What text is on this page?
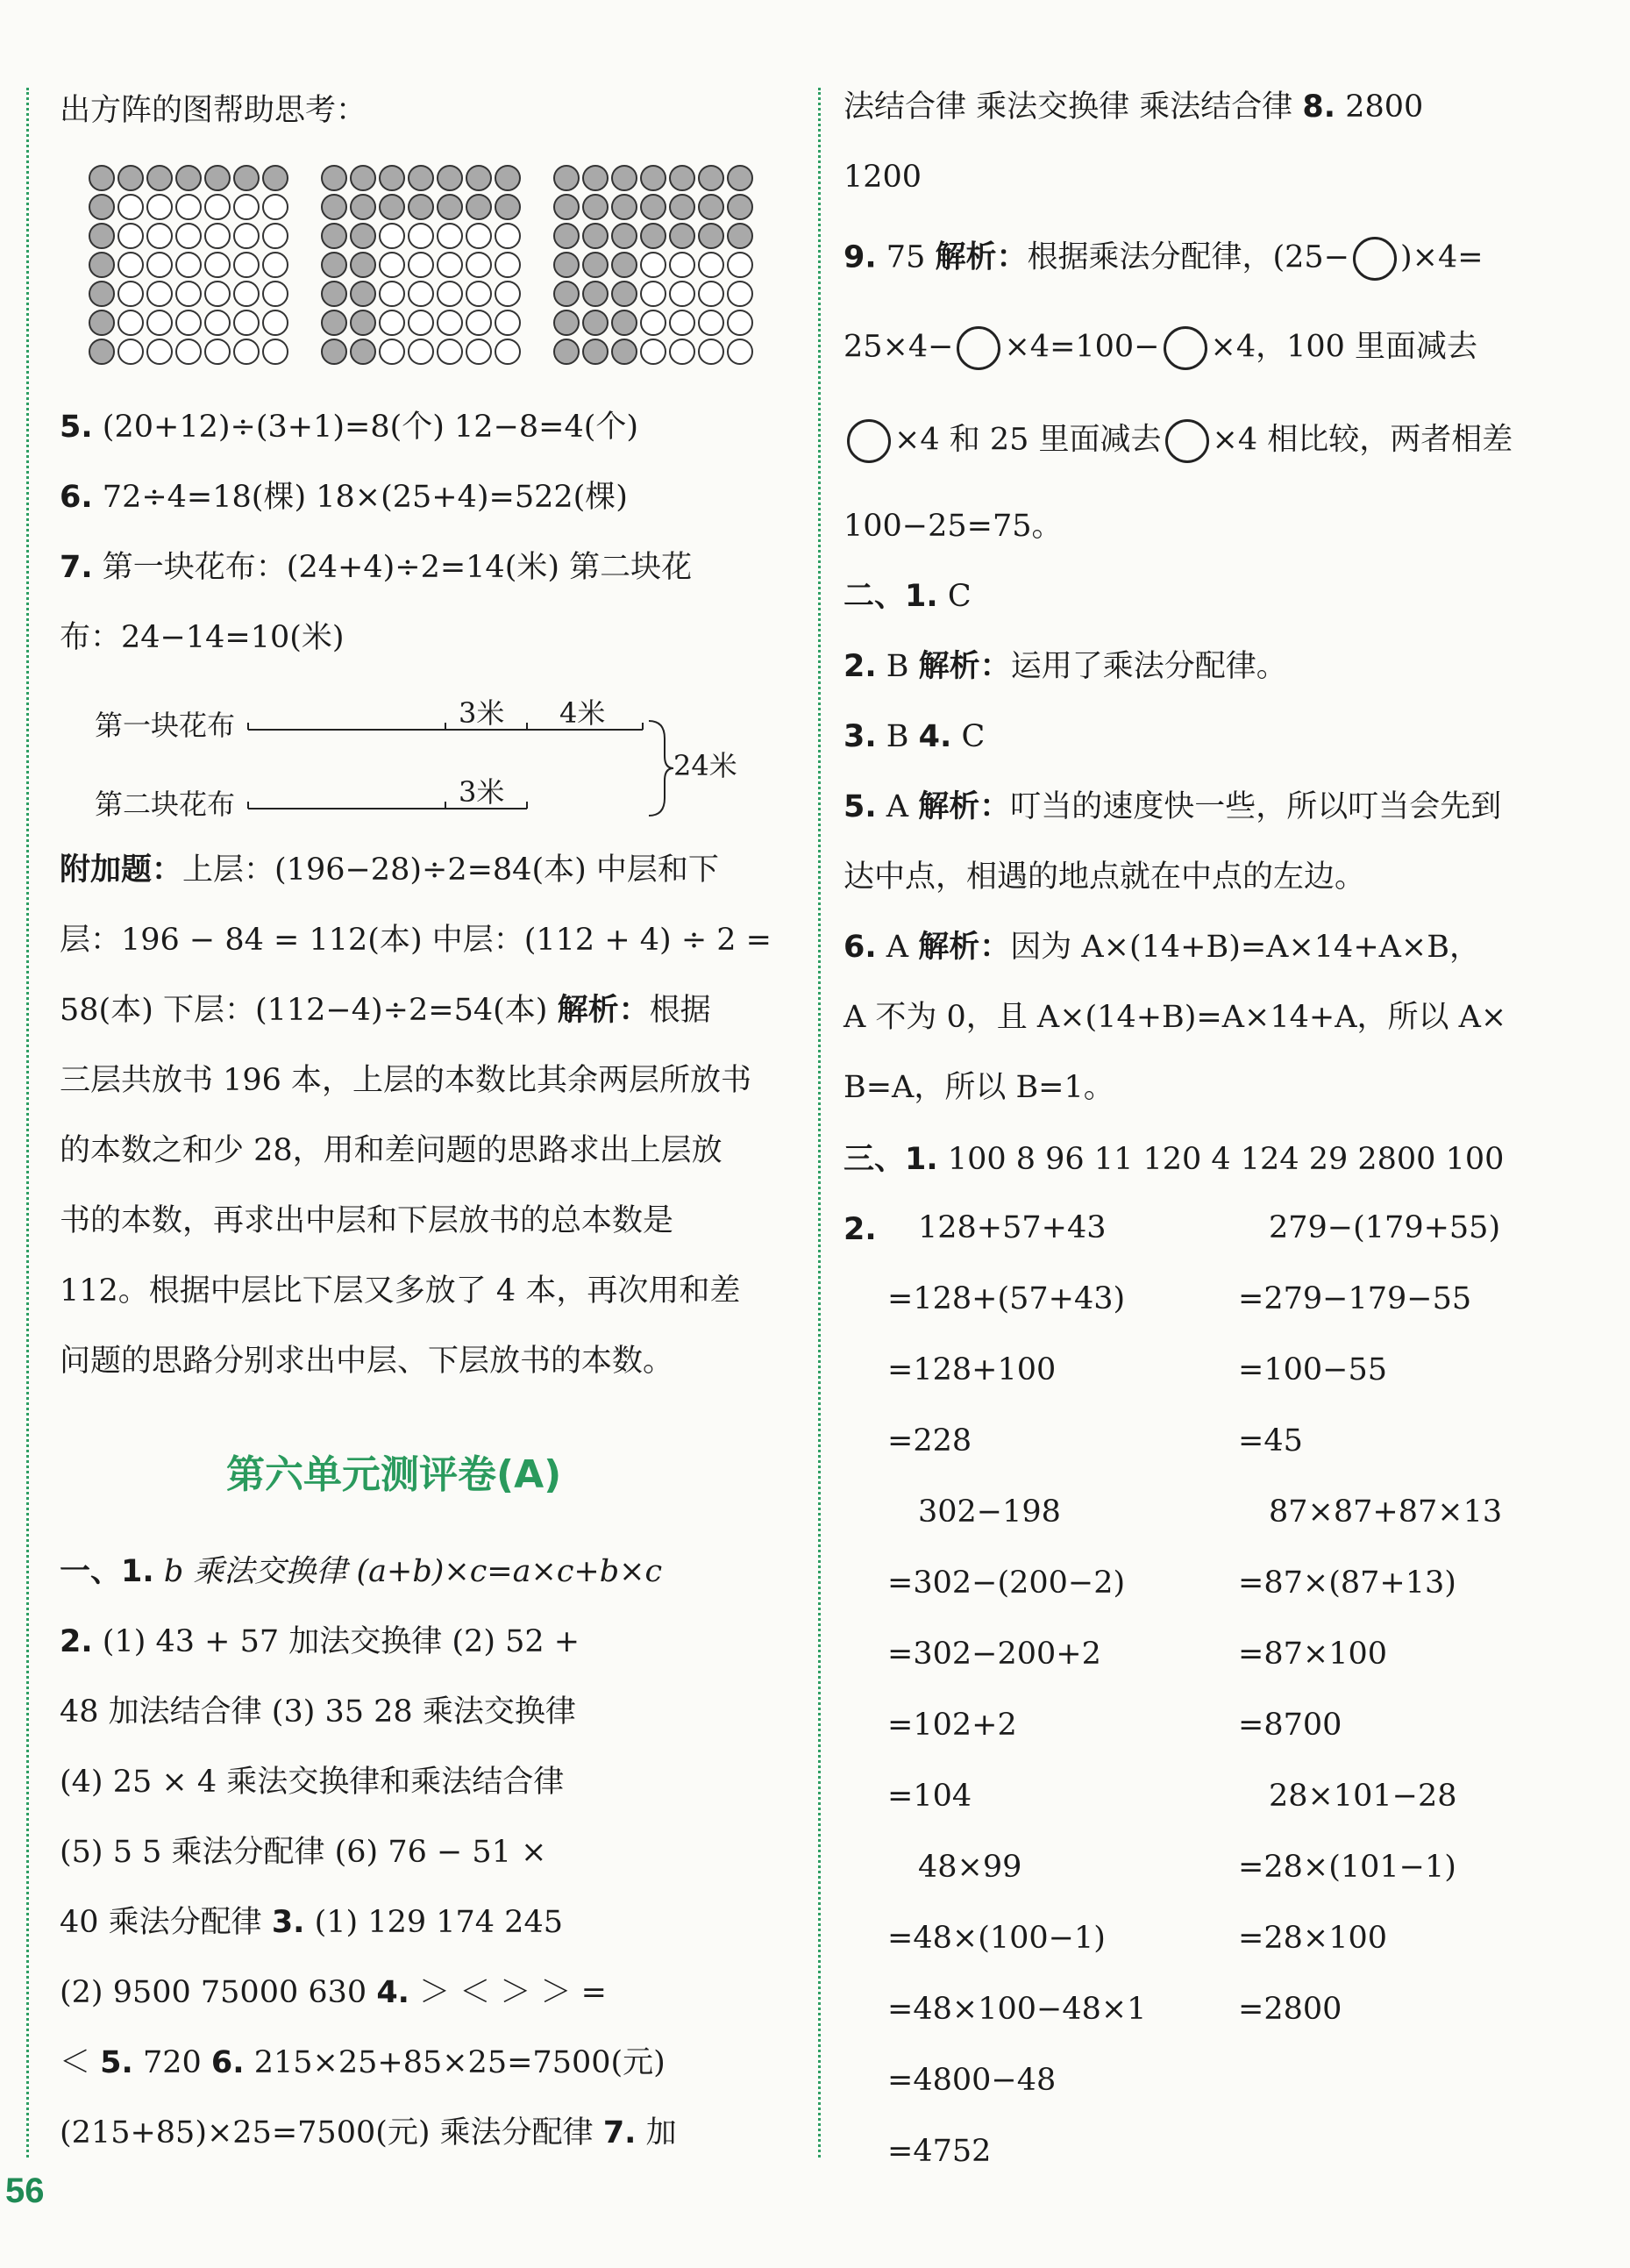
出方阵的图帮助思考：
5. (20+12)÷(3+1)=8(个) 12−8=4(个)
6. 72÷4=18(棵) 18×(25+4)=522(棵)
7. 第一块花布：(24+4)÷2=14(米) 第二块花
布：24−14=10(米)
第一块花布
第二块花布
3米 4米
3米
24米
附加题：上层：(196−28)÷2=84(本) 中层和下
层：196 − 84 = 112(本) 中层：(112 + 4) ÷ 2 =
58(本) 下层：(112−4)÷2=54(本) 解析：根据
三层共放书 196 本，上层的本数比其余两层所放书
的本数之和少 28，用和差问题的思路求出上层放
书的本数，再求出中层和下层放书的总本数是
112。根据中层比下层又多放了 4 本，再次用和差
问题的思路分别求出中层、下层放书的本数。
第六单元测评卷(A)
一、1. b 乘法交换律 (a+b)×c=a×c+b×c
2. (1) 43 + 57 加法交换律 (2) 52 +
48 加法结合律 (3) 35 28 乘法交换律
(4) 25 × 4 乘法交换律和乘法结合律
(5) 5 5 乘法分配律 (6) 76 − 51 ×
40 乘法分配律 3. (1) 129 174 245
(2) 9500 75000 630 4. ＞ ＜ ＞ ＞ =
＜ 5. 720 6. 215×25+85×25=7500(元)
(215+85)×25=7500(元) 乘法分配律 7. 加
法结合律 乘法交换律 乘法结合律 8. 2800
1200
9. 75 解析：根据乘法分配律，(25− )×4=
25×4− ×4=100− ×4，100 里面减去
×4 和 25 里面减去 ×4 相比较，两者相差
100−25=75。
二、1. C
2. B 解析：运用了乘法分配律。
3. B 4. C
5. A 解析：叮当的速度快一些，所以叮当会先到
达中点，相遇的地点就在中点的左边。
6. A 解析：因为 A×(14+B)=A×14+A×B，
A 不为 0，且 A×(14+B)=A×14+A，所以 A×
B=A，所以 B=1。
三、1. 100 8 96 11 120 4 124 29 2800 100
2. 128+57+43
=128+(57+43)
=128+100
=228
302−198
=302−(200−2)
=302−200+2
=102+2
=104
48×99
=48×(100−1)
=48×100−48×1
=4800−48
=4752
279−(179+55)
=279−179−55
=100−55
=45
87×87+87×13
=87×(87+13)
=87×100
=8700
28×101−28
=28×(101−1)
=28×100
=2800
56
